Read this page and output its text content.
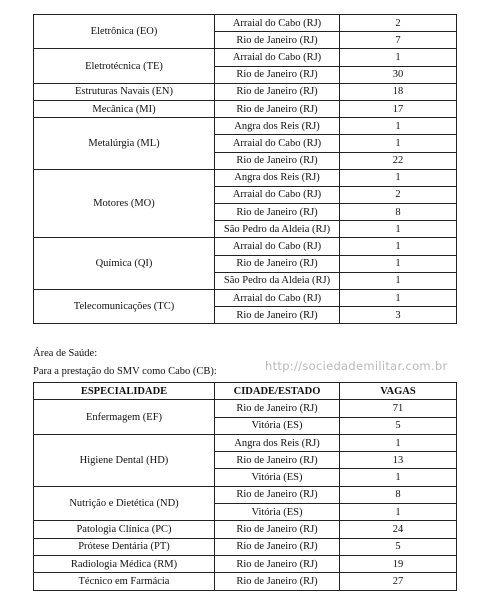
Eletrônica (EO)	Arraial do Cabo (RJ)	2
	Rio de Janeiro (RJ)	7
Eletrotécnica (TE)	Arraial do Cabo (RJ)	1
	Rio de Janeiro (RJ)	30
Estruturas Navais (EN)	Rio de Janeiro (RJ)	18
Mecânica (MI)	Rio de Janeiro (RJ)	17
Metalúrgia (ML)	Angra dos Reis (RJ)	1
	Arraial do Cabo (RJ)	1
	Rio de Janeiro (RJ)	22
Motores (MO)	Angra dos Reis (RJ)	1
	Arraial do Cabo (RJ)	2
	Rio de Janeiro (RJ)	8
	São Pedro da Aldeia (RJ)	1
Química (QI)	Arraial do Cabo (RJ)	1
	Rio de Janeiro (RJ)	1
	São Pedro da Aldeia (RJ)	1
Telecomunicações (TC)	Arraial do Cabo (RJ)	1
	Rio de Janeiro (RJ)	3
Área de Saúde:
http://sociedademilitar.com.br
Para a prestação do SMV como Cabo (CB):
ESPECIALIDADE	CIDADE/ESTADO	VAGAS
Enfermagem (EF)	Rio de Janeiro (RJ)	71
	Vitória (ES)	5
Higiene Dental (HD)	Angra dos Reis (RJ)	1
	Rio de Janeiro (RJ)	13
	Vitória (ES)	1
Nutrição e Dietética (ND)	Rio de Janeiro (RJ)	8
	Vitória (ES)	1
Patologia Clínica (PC)	Rio de Janeiro (RJ)	24
Prótese Dentária (PT)	Rio de Janeiro (RJ)	5
Radiologia Médica (RM)	Rio de Janeiro (RJ)	19
Técnico em Farmácia	Rio de Janeiro (RJ)	27
